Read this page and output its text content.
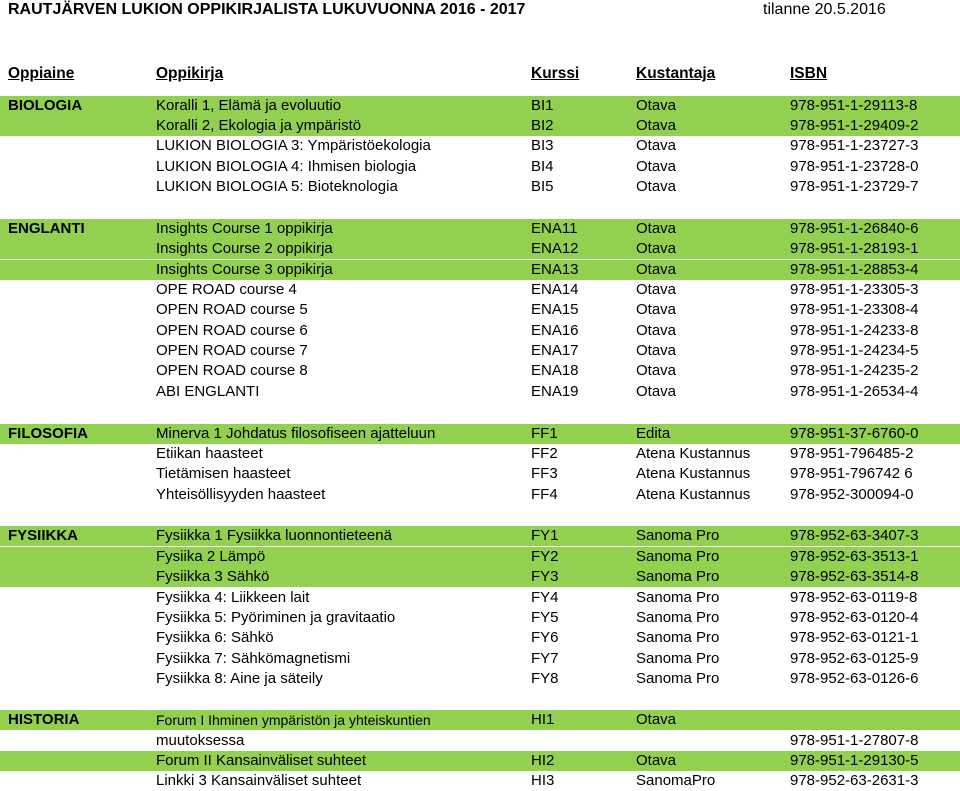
RAUTJÄRVEN LUKION OPPIKIRJALISTA LUKUVUONNA 2016 - 2017	tilanne 20.5.2016
Oppiaine	Oppikirja	Kurssi	Kustantaja	ISBN
BIOLOGIA	Koralli 1, Elämä ja evoluutio	BI1	Otava	978-951-1-29113-8
Koralli 2, Ekologia ja ympäristö	BI2	Otava	978-951-1-29409-2
LUKION BIOLOGIA 3: Ympäristöekologia	BI3	Otava	978-951-1-23727-3
LUKION BIOLOGIA 4: Ihmisen biologia	BI4	Otava	978-951-1-23728-0
LUKION BIOLOGIA 5: Bioteknologia	BI5	Otava	978-951-1-23729-7
ENGLANTI	Insights Course 1 oppikirja	ENA11	Otava	978-951-1-26840-6
Insights Course 2 oppikirja	ENA12	Otava	978-951-1-28193-1
Insights Course 3 oppikirja	ENA13	Otava	978-951-1-28853-4
OPE ROAD course 4	ENA14	Otava	978-951-1-23305-3
OPEN ROAD course 5	ENA15	Otava	978-951-1-23308-4
OPEN ROAD course 6	ENA16	Otava	978-951-1-24233-8
OPEN ROAD course 7	ENA17	Otava	978-951-1-24234-5
OPEN ROAD course 8	ENA18	Otava	978-951-1-24235-2
ABI ENGLANTI	ENA19	Otava	978-951-1-26534-4
FILOSOFIA	Minerva 1 Johdatus filosofiseen ajatteluun	FF1	Edita	978-951-37-6760-0
Etiikan haasteet	FF2	Atena Kustannus	978-951-796485-2
Tietämisen haasteet	FF3	Atena Kustannus	978-951-796742 6
Yhteisöllisyyden haasteet	FF4	Atena Kustannus	978-952-300094-0
FYSIIKKA	Fysiikka 1 Fysiikka luonnontieteenä	FY1	Sanoma Pro	978-952-63-3407-3
Fysiika 2 Lämpö	FY2	Sanoma Pro	978-952-63-3513-1
Fysiikka 3 Sähkö	FY3	Sanoma Pro	978-952-63-3514-8
Fysiikka 4: Liikkeen lait	FY4	Sanoma Pro	978-952-63-0119-8
Fysiikka 5: Pyöriminen ja gravitaatio	FY5	Sanoma Pro	978-952-63-0120-4
Fysiikka 6: Sähkö	FY6	Sanoma Pro	978-952-63-0121-1
Fysiikka 7: Sähkömagnetismi	FY7	Sanoma Pro	978-952-63-0125-9
Fysiikka 8: Aine ja säteily	FY8	Sanoma Pro	978-952-63-0126-6
HISTORIA	Forum I Ihminen ympäristön ja yhteiskuntien	HI1	Otava
muutoksessa	978-951-1-27807-8
Forum II Kansainväliset suhteet	HI2	Otava	978-951-1-29130-5
Linkki 3 Kansainväliset suhteet	HI3	SanomaPro	978-952-63-2631-3
